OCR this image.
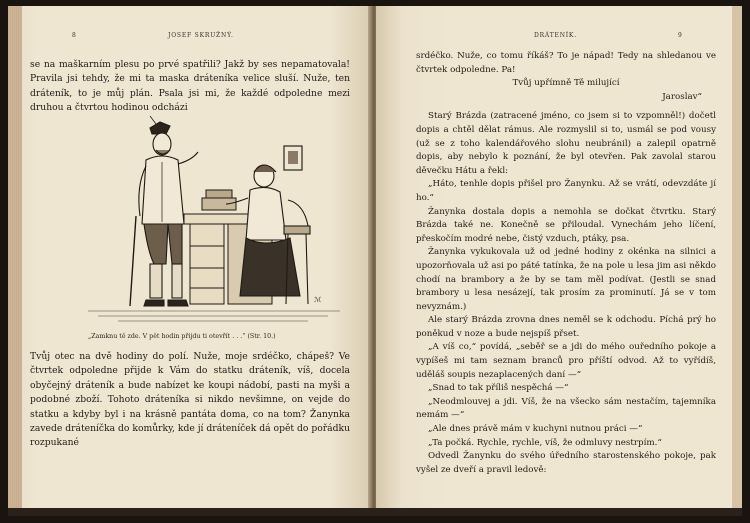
8	JOSEF SKRUŽNÝ.

se na maškarním plesu po prvé spatřili? Jakž by ses nepamatovala! Pravila jsi tehdy, že mi ta maska dráteníka velice sluší. Nuže, ten dráteník, to je můj plán. Psala jsi mi, že každé odpoledne mezi druhou a čtvrtou hodinou odcházi

ℳ
„Zamknu tě zde. V pět hodin přijdu ti otevřít . . .“ (Str. 10.)

Tvůj otec na dvě hodiny do polí. Nuže, moje srdéčko, chápeš? Ve čtvrtek odpoledne přijde k Vám do statku dráteník, víš, docela obyčejný dráteník a bude nabízet ke koupi nádobí, pasti na myši a podobné zboží. Tohoto dráteníka si nikdo nevšimne, on vejde do statku a kdyby byl i na krásně pantáta doma, co na tom? Žanynka zavede dráteníčka do komůrky, kde jí dráteníček dá opět do pořádku rozpukané

DRÁTENÍK.	9

srdéčko. Nuže, co tomu říkáš? To je nápad! Tedy na shledanou ve čtvrtek odpoledne. Pa!

Tvůj upřímně Tě milující

Jaroslav“

Starý Brázda (zatracené jméno, co jsem si to vzpomněl!) dočetl dopis a chtěl dělat rámus. Ale rozmyslil si to, usmál se pod vousy (už se z toho kalendářového slohu neubránil) a zalepil opatrně dopis, aby nebylo k poznání, že byl otevřen. Pak zavolal starou děvečku Hátu a řekl:

„Háto, tenhle dopis přišel pro Žanynku. Až se vrátí, odevzdáte jí ho.“

Žanynka dostala dopis a nemohla se dočkat čtvrtku. Starý Brázda také ne. Konečně se přiloudal. Vynechám jeho líčení, přeskočím modré nebe, čistý vzduch, ptáky, psa.

Žanynka vykukovala už od jedné hodiny z okénka na silnici a upozorňovala už asi po páté tatínka, že na pole u lesa jim asi někdo chodí na brambory a že by se tam měl podívat. (Jestli se snad brambory u lesa nesázejí, tak prosím za prominutí. Já se v tom nevyznám.)

Ale starý Brázda zrovna dnes neměl se k odchodu. Píchá prý ho poněkud v noze a bude nejspíš přset.

„A víš co,“ povídá, „seběř se a jdi do mého ouředního pokoje a vypíšeš mi tam seznam branců pro příští odvod. Až to vyřídíš, uděláš soupis nezaplacených daní —“

„Snad to tak příliš nespěchá —“

„Neodmlouvej a jdi. Víš, že na všecko sám nestačím, tajemníka nemám —“

„Ale dnes právě mám v kuchyni nutnou práci —“

„Ta počká. Rychle, rychle, víš, že odmluvy nestrpím.“

Odvedl Žanynku do svého úředního starostenského pokoje, pak vyšel ze dveří a pravil ledově:
